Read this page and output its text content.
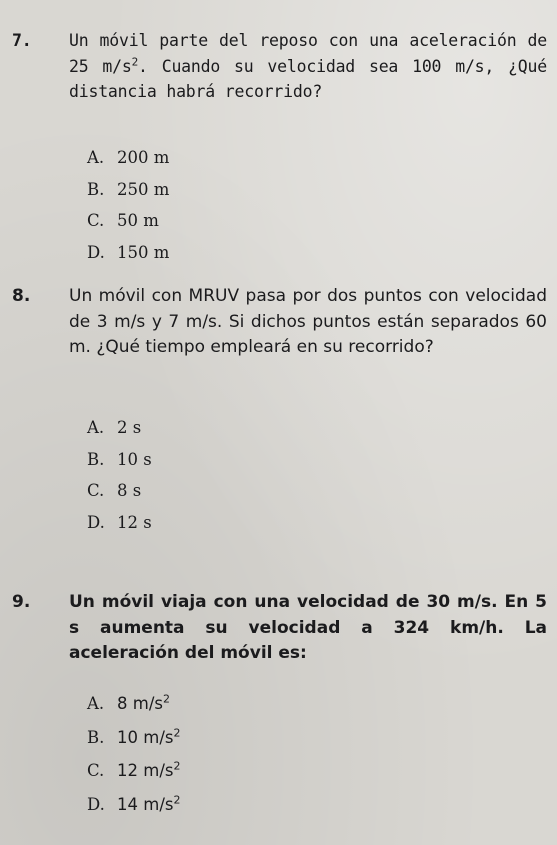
7. Un móvil parte del reposo con una aceleración de 25 $m/s^2$. Cuando su velocidad sea 100 m/s, ¿Qué distancia habrá recorrido?
A. 200 m
B. 250 m
C. 50 m
D. 150 m
8. Un móvil con MRUV pasa por dos puntos con velocidad de 3 m/s y 7 m/s. Si dichos puntos están separados 60 m. ¿Qué tiempo empleará en su recorrido?
A. 2 s
B. 10 s
C. 8 s
D. 12 s
9. Un móvil viaja con una velocidad de 30 m/s. En 5 s aumenta su velocidad a 324 km/h. La aceleración del móvil es:
A. 8 $m/s^2$
B. 10 $m/s^2$
C. 12 $m/s^2$
D. 14 $m/s^2$
